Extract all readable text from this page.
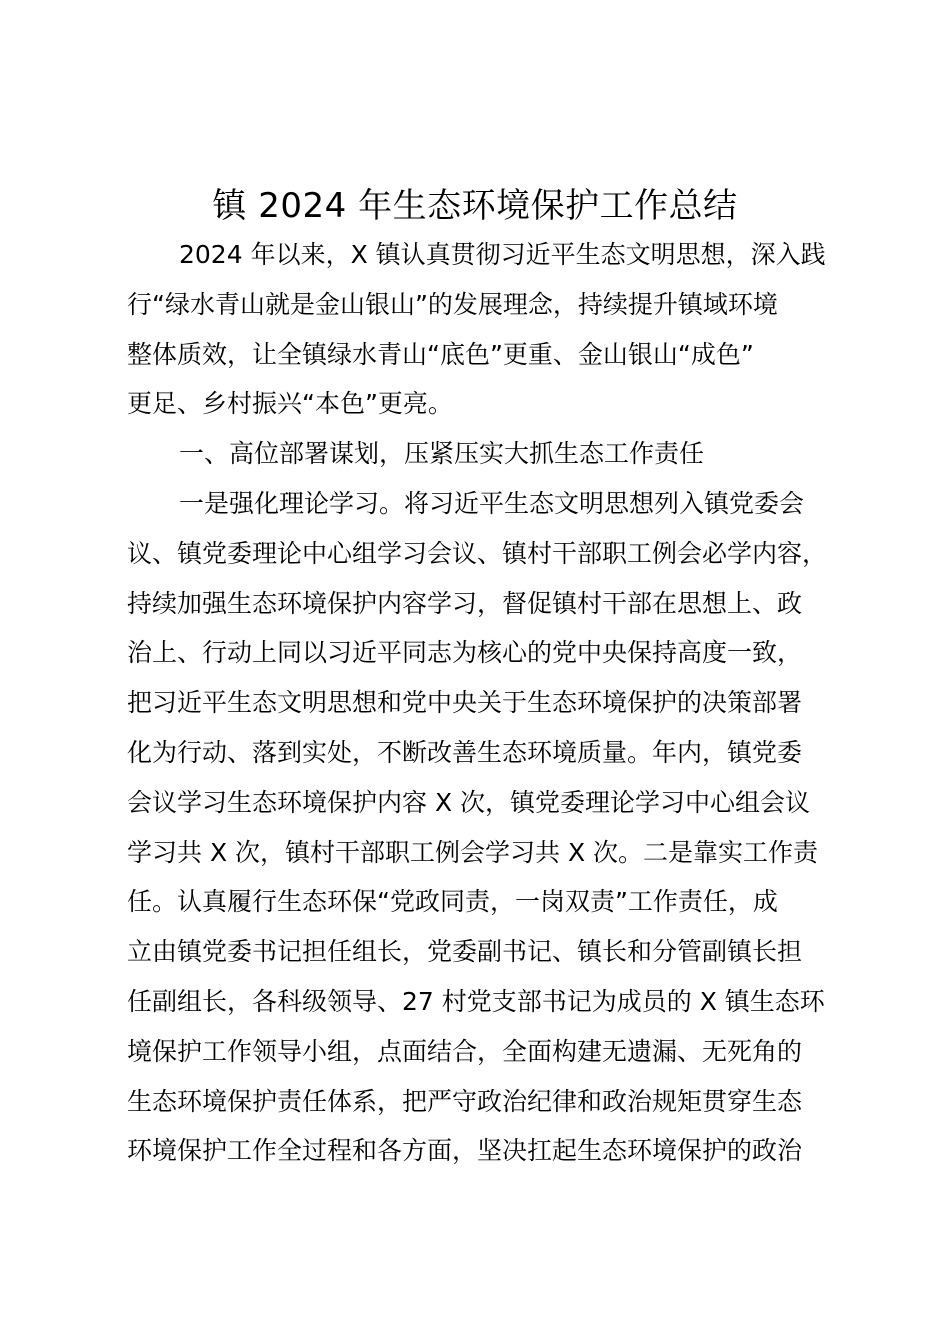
镇 2024 年生态环境保护工作总结
2024 年以来，X 镇认真贯彻习近平生态文明思想，深入践
行“绿水青山就是金山银山”的发展理念，持续提升镇域环境
整体质效，让全镇绿水青山“底色”更重、金山银山“成色”
更足、乡村振兴“本色”更亮。
一、高位部署谋划，压紧压实大抓生态工作责任
一是强化理论学习。将习近平生态文明思想列入镇党委会
议、镇党委理论中心组学习会议、镇村干部职工例会必学内容，
持续加强生态环境保护内容学习，督促镇村干部在思想上、政
治上、行动上同以习近平同志为核心的党中央保持高度一致，
把习近平生态文明思想和党中央关于生态环境保护的决策部署
化为行动、落到实处，不断改善生态环境质量。年内，镇党委
会议学习生态环境保护内容 X 次，镇党委理论学习中心组会议
学习共 X 次，镇村干部职工例会学习共 X 次。二是靠实工作责
任。认真履行生态环保“党政同责，一岗双责”工作责任，成
立由镇党委书记担任组长，党委副书记、镇长和分管副镇长担
任副组长，各科级领导、27 村党支部书记为成员的 X 镇生态环
境保护工作领导小组，点面结合，全面构建无遗漏、无死角的
生态环境保护责任体系，把严守政治纪律和政治规矩贯穿生态
环境保护工作全过程和各方面，坚决扛起生态环境保护的政治
